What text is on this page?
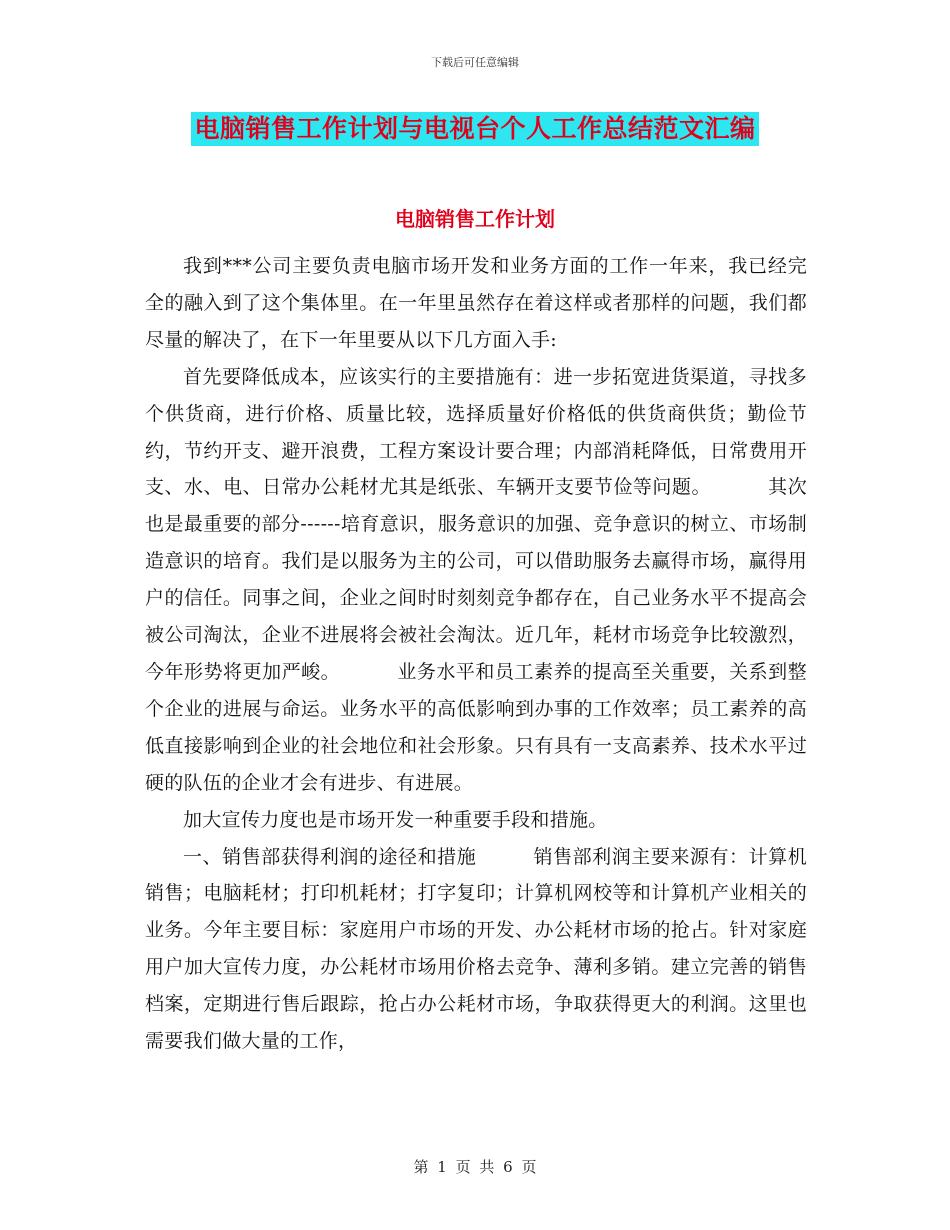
下载后可任意编辑
电脑销售工作计划与电视台个人工作总结范文汇编
电脑销售工作计划

我到***公司主要负责电脑市场开发和业务方面的工作一年来，我已经完全的融入到了这个集体里。在一年里虽然存在着这样或者那样的问题，我们都尽量的解决了，在下一年里要从以下几方面入手:

首先要降低成本，应该实行的主要措施有：进一步拓宽进货渠道，寻找多个供货商，进行价格、质量比较，选择质量好价格低的供货商供货；勤俭节约，节约开支、避开浪费，工程方案设计要合理；内部消耗降低，日常费用开支、水、电、日常办公耗材尤其是纸张、车辆开支要节俭等问题。	其次也是最重要的部分------培育意识，服务意识的加强、竞争意识的树立、市场制造意识的培育。我们是以服务为主的公司，可以借助服务去赢得市场，赢得用户的信任。同事之间，企业之间时时刻刻竞争都存在，自己业务水平不提高会被公司淘汰，企业不进展将会被社会淘汰。近几年，耗材市场竞争比较激烈，今年形势将更加严峻。	业务水平和员工素养的提高至关重要，关系到整个企业的进展与命运。业务水平的高低影响到办事的工作效率；员工素养的高低直接影响到企业的社会地位和社会形象。只有具有一支高素养、技术水平过硬的队伍的企业才会有进步、有进展。

加大宣传力度也是市场开发一种重要手段和措施。

一、销售部获得利润的途径和措施	销售部利润主要来源有：计算机销售；电脑耗材；打印机耗材；打字复印；计算机网校等和计算机产业相关的业务。今年主要目标：家庭用户市场的开发、办公耗材市场的抢占。针对家庭用户加大宣传力度，办公耗材市场用价格去竞争、薄利多销。建立完善的销售档案，定期进行售后跟踪，抢占办公耗材市场，争取获得更大的利润。这里也需要我们做大量的工作，

第 1 页 共 6 页
